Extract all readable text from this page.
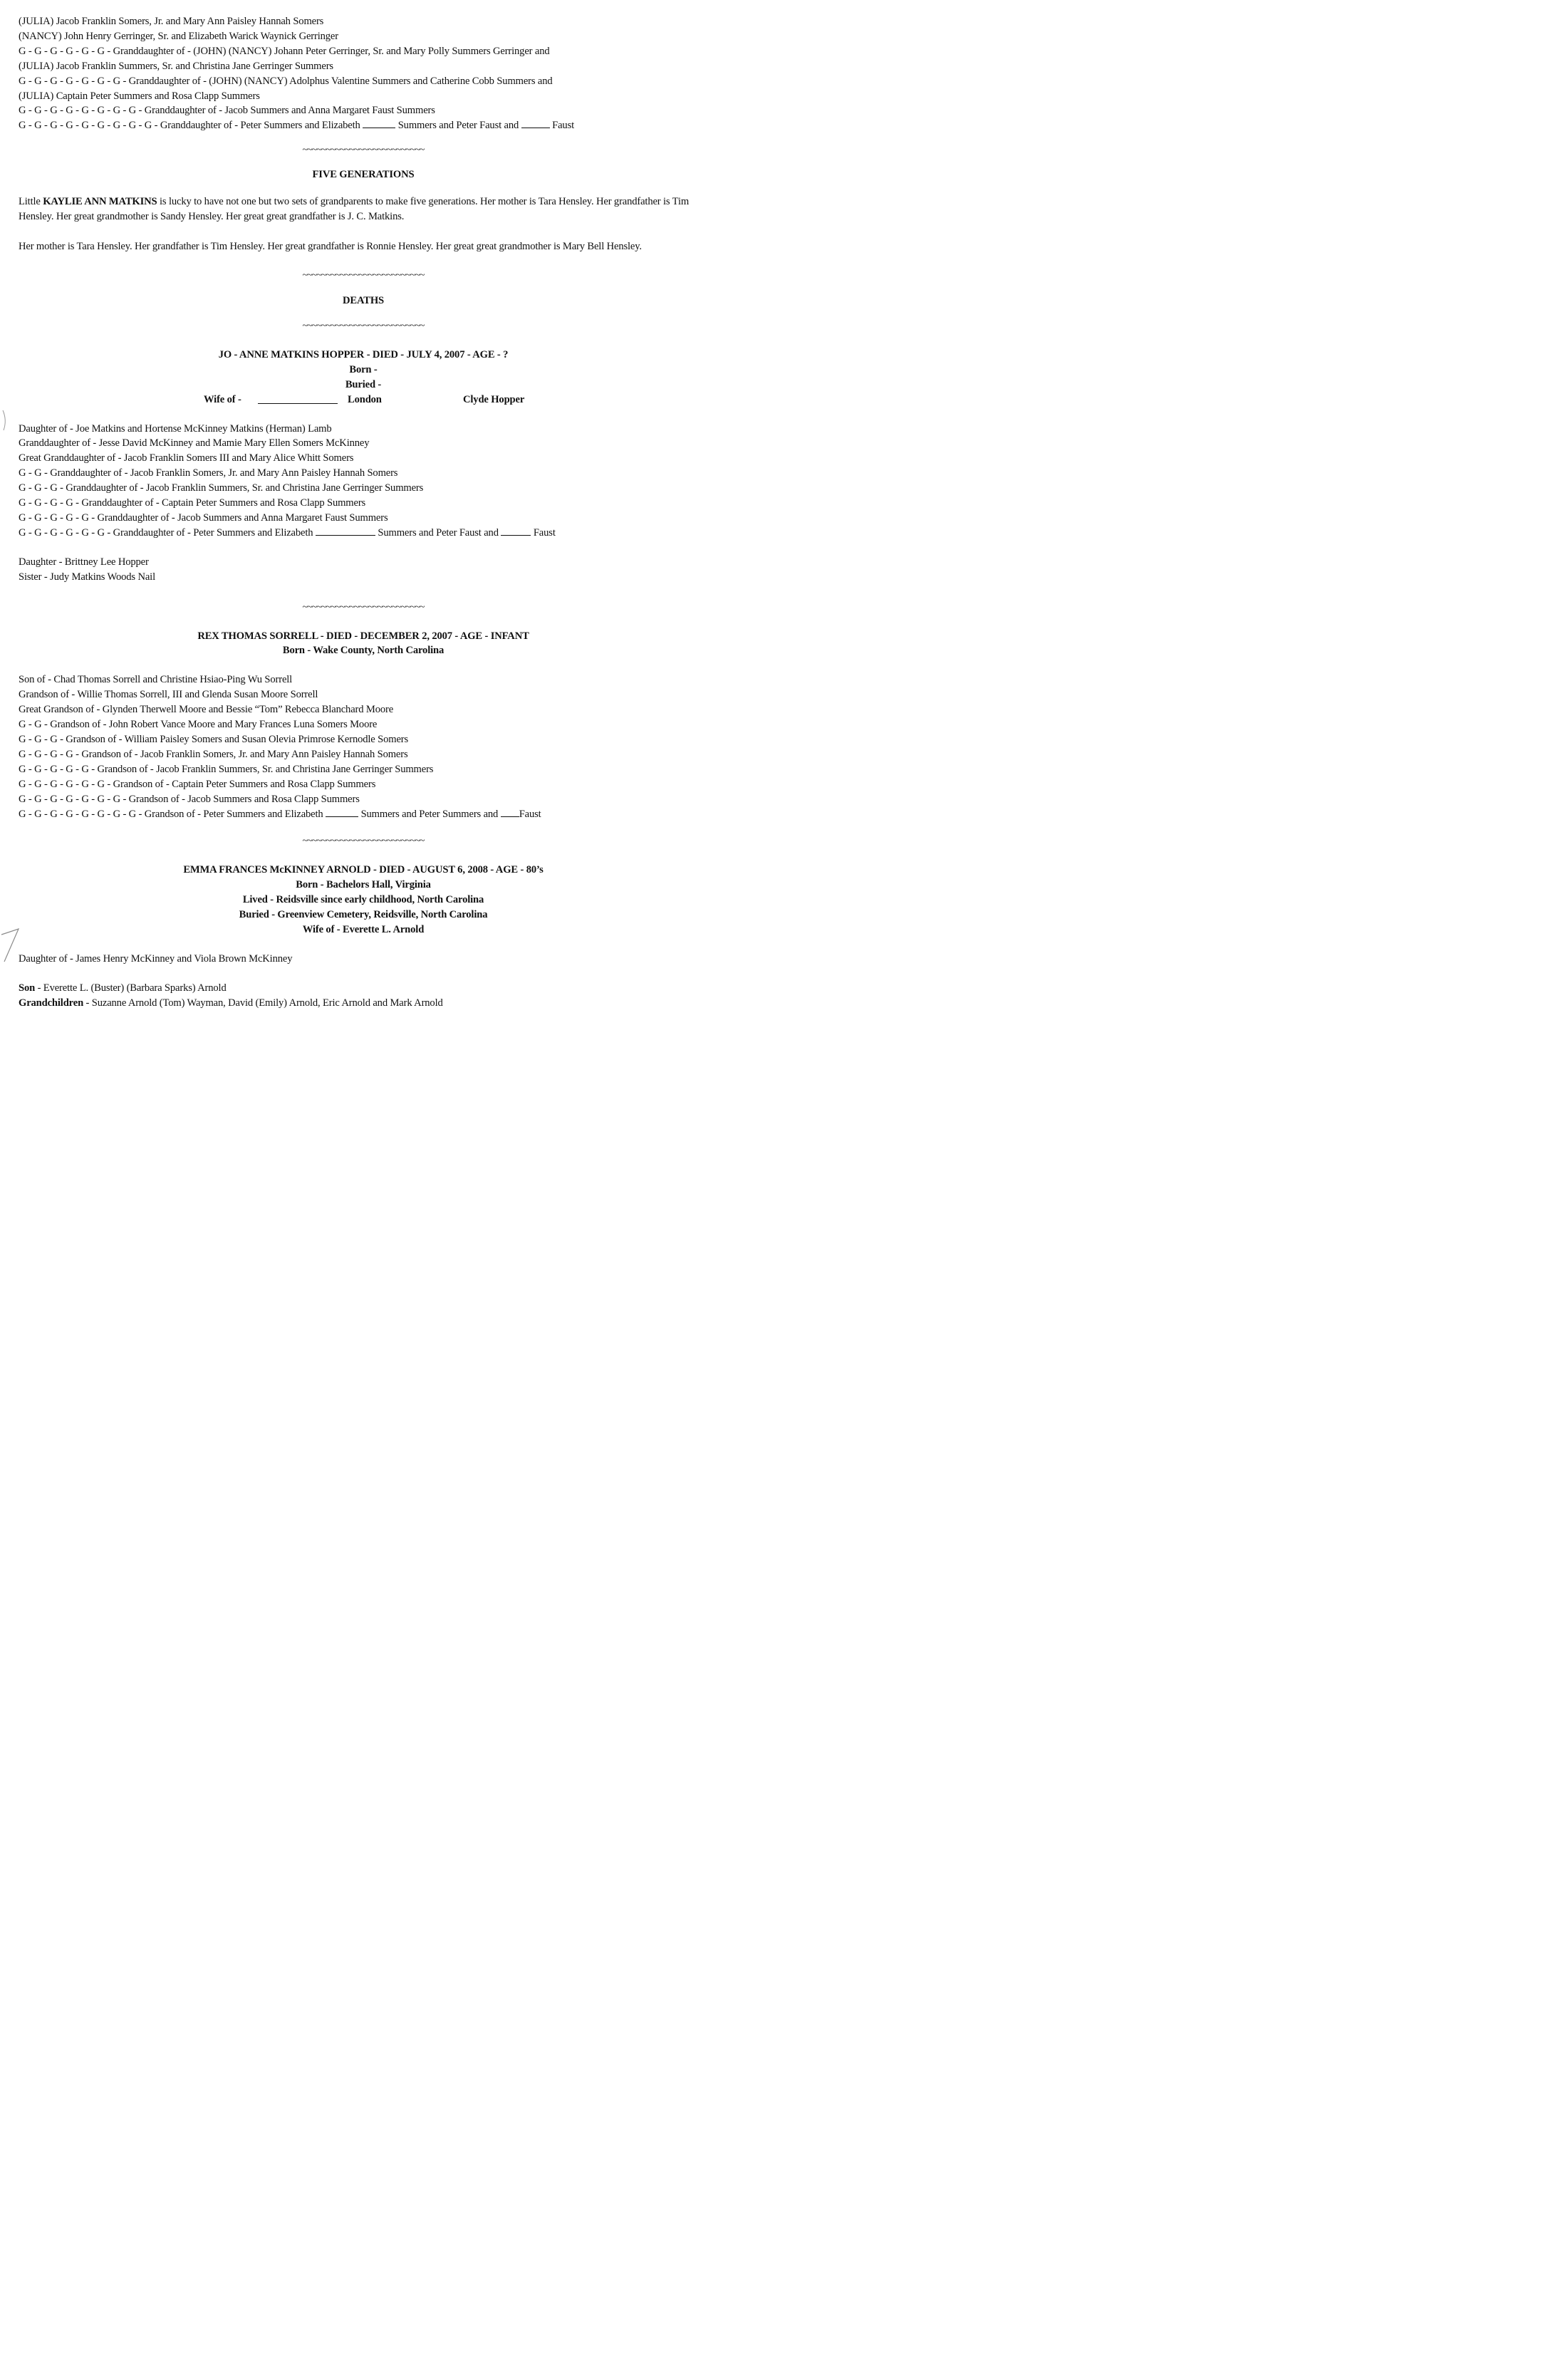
(JULIA) Jacob Franklin Somers, Jr. and Mary Ann Paisley Hannah Somers
(NANCY) John Henry Gerringer, Sr. and Elizabeth Warick Waynick Gerringer
G - G - G - G - G - G - Granddaughter of - (JOHN) (NANCY) Johann Peter Gerringer, Sr. and Mary Polly Summers Gerringer and
(JULIA) Jacob Franklin Summers, Sr. and Christina Jane Gerringer Summers
G - G - G - G - G - G - G - Granddaughter of - (JOHN) (NANCY) Adolphus Valentine Summers and Catherine Cobb Summers and
(JULIA) Captain Peter Summers and Rosa Clapp Summers
G - G - G - G - G - G - G - G - Granddaughter of - Jacob Summers and Anna Margaret Faust Summers
G - G - G - G - G - G - G - G - G - Granddaughter of - Peter Summers and Elizabeth	Summers and Peter Faust and	Faust
~~~~~~~~~~~~~~~~~~~~~~~~~~
FIVE GENERATIONS
Little KAYLIE ANN MATKINS is lucky to have not one but two sets of grandparents to make five generations. Her mother is Tara Hensley. Her grandfather is Tim Hensley. Her great grandmother is Sandy Hensley. Her great great grandfather is J. C. Matkins.
Her mother is Tara Hensley. Her grandfather is Tim Hensley. Her great grandfather is Ronnie Hensley. Her great great grandmother is Mary Bell Hensley.
~~~~~~~~~~~~~~~~~~~~~~~~~~
DEATHS
~~~~~~~~~~~~~~~~~~~~~~~~~~
JO - ANNE MATKINS HOPPER - DIED - JULY 4, 2007 - AGE - ?
Born -
Buried -
Wife of -	London	Clyde Hopper
Daughter of - Joe Matkins and Hortense McKinney Matkins (Herman) Lamb
Granddaughter of - Jesse David McKinney and Mamie Mary Ellen Somers McKinney
Great Granddaughter of - Jacob Franklin Somers III and Mary Alice Whitt Somers
G - G - Granddaughter of - Jacob Franklin Somers, Jr. and Mary Ann Paisley Hannah Somers
G - G - G - Granddaughter of - Jacob Franklin Summers, Sr. and Christina Jane Gerringer Summers
G - G - G - G - Granddaughter of - Captain Peter Summers and Rosa Clapp Summers
G - G - G - G - G - Granddaughter of - Jacob Summers and Anna Margaret Faust Summers
G - G - G - G - G - G - Granddaughter of - Peter Summers and Elizabeth	Summers and Peter Faust and	Faust
Daughter - Brittney Lee Hopper
Sister - Judy Matkins Woods Nail
~~~~~~~~~~~~~~~~~~~~~~~~~~
REX THOMAS SORRELL - DIED - DECEMBER 2, 2007 - AGE - INFANT
Born - Wake County, North Carolina
Son of - Chad Thomas Sorrell and Christine Hsiao-Ping Wu Sorrell
Grandson of - Willie Thomas Sorrell, III and Glenda Susan Moore Sorrell
Great Grandson of - Glynden Therwell Moore and Bessie “Tom” Rebecca Blanchard Moore
G - G - Grandson of - John Robert Vance Moore and Mary Frances Luna Somers Moore
G - G - G - Grandson of - William Paisley Somers and Susan Olevia Primrose Kernodle Somers
G - G - G - G - Grandson of - Jacob Franklin Somers, Jr. and Mary Ann Paisley Hannah Somers
G - G - G - G - G - Grandson of - Jacob Franklin Summers, Sr. and Christina Jane Gerringer Summers
G - G - G - G - G - G - Grandson of - Captain Peter Summers and Rosa Clapp Summers
G - G - G - G - G - G - G - Grandson of - Jacob Summers and Rosa Clapp Summers
G - G - G - G - G - G - G - G - Grandson of - Peter Summers and Elizabeth	Summers and Peter Summers and Faust
~~~~~~~~~~~~~~~~~~~~~~~~~~
EMMA FRANCES McKINNEY ARNOLD - DIED - AUGUST 6, 2008 - AGE - 80’s
Born - Bachelors Hall, Virginia
Lived - Reidsville since early childhood, North Carolina
Buried - Greenview Cemetery, Reidsville, North Carolina
Wife of - Everette L. Arnold
Daughter of - James Henry McKinney and Viola Brown McKinney
Son - Everette L. (Buster) (Barbara Sparks) Arnold
Grandchildren - Suzanne Arnold (Tom) Wayman, David (Emily) Arnold, Eric Arnold and Mark Arnold
